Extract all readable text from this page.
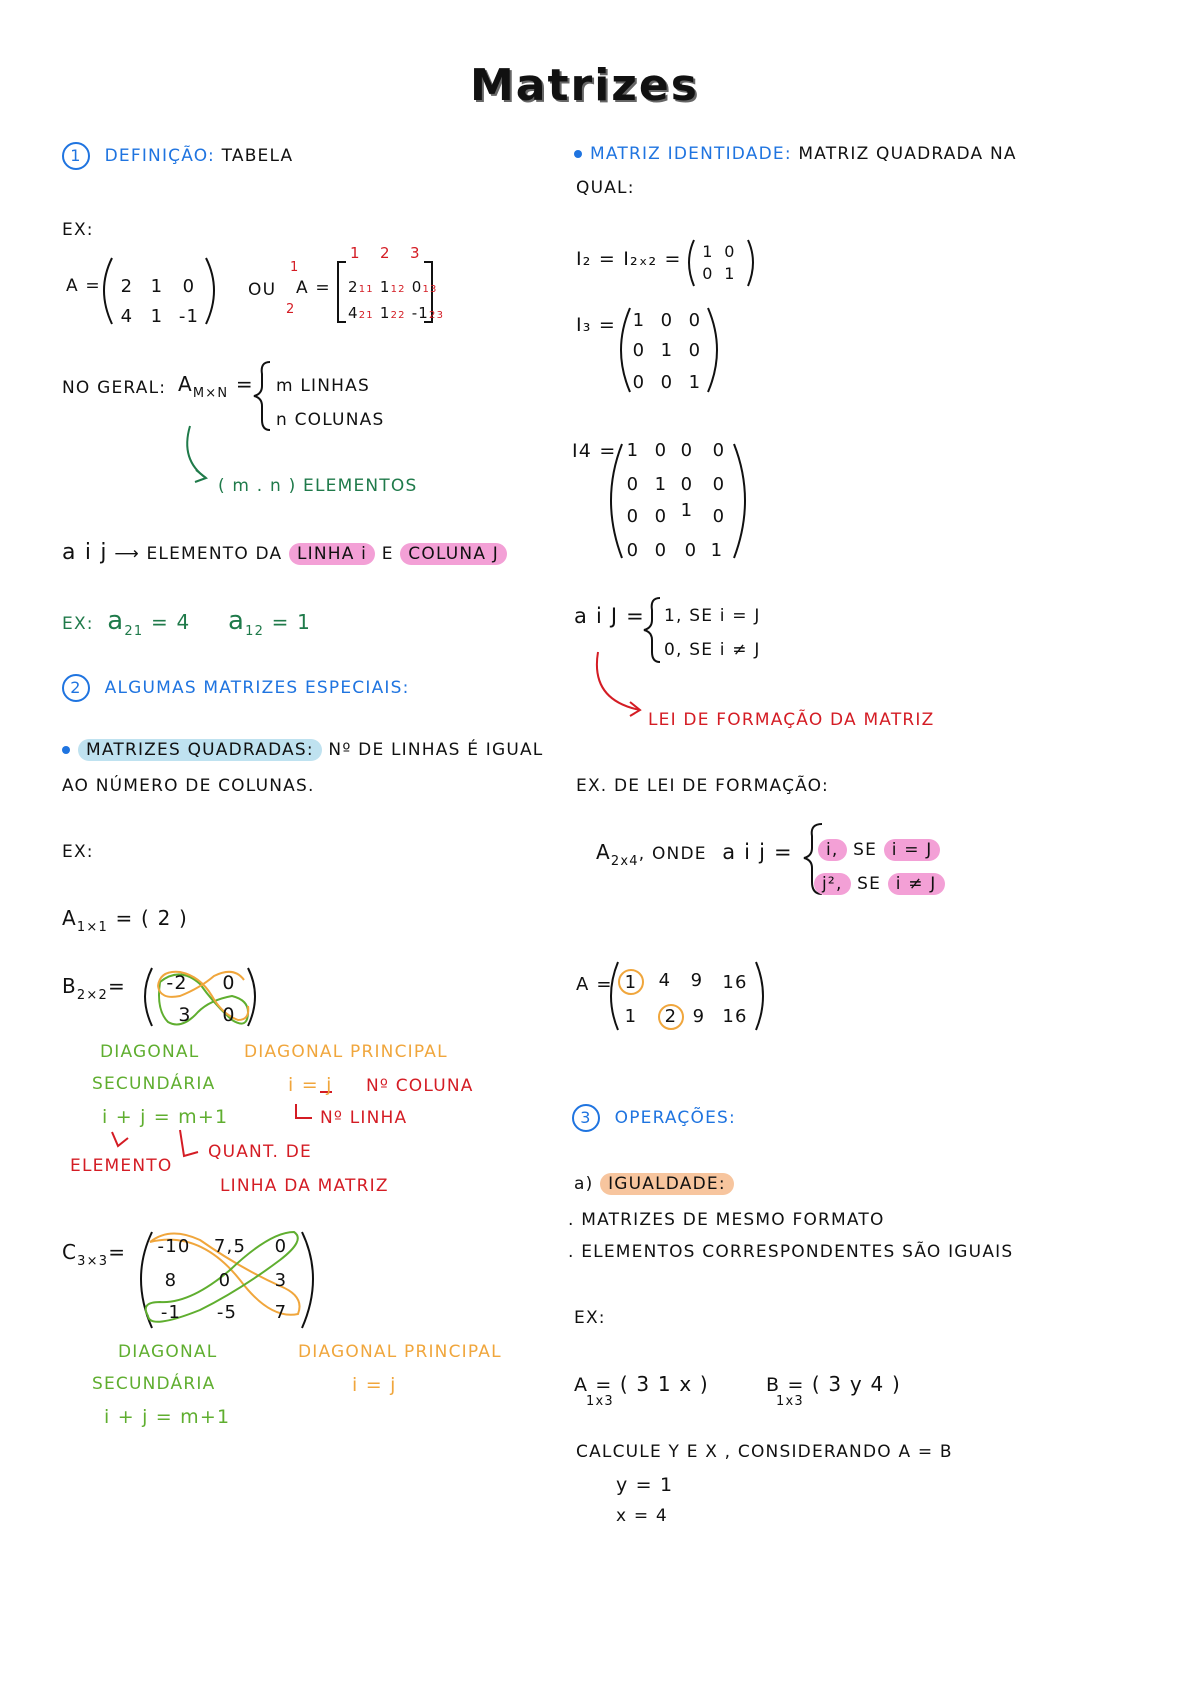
Matrizes
1 DEFINIÇÃO: TABELA
EX:
A =	2 1	0
4 1 -1
OU
1
2
A =
1 2 3
211 112 013
421 122 -123
NO GERAL: $A_{M\times N} = m$ LINHAS
n COLUNAS
( m . n ) ELEMENTOS
a i j ⟶ ELEMENTO DA LINHA i E COLUNA J
EX: $a_{21} = 4$ $a_{12} = 1$
2 ALGUMAS MATRIZES ESPECIAIS:
MATRIZES QUADRADAS: Nº DE LINHAS É IGUAL
AO NÚMERO DE COLUNAS.
EX:
$A_{1\times 1}$ = ( 2 )
$B_{2\times 2}=$	-2	0
3	0
DIAGONAL
SECUNDÁRIA
i + j = m+1
DIAGONAL PRINCIPAL
i = j Nº COLUNA
Nº LINHA
ELEMENTO
QUANT. DE
LINHA DA MATRIZ
$C_{3\times 3}= -10$ 7,5	0
8	0	3
-1	-5	7
DIAGONAL
SECUNDÁRIA
i + j = m+1
DIAGONAL PRINCIPAL
i = j
MATRIZ IDENTIDADE: MATRIZ QUADRADA NA
QUAL:
I₂ = I₂ₓ₂ =	1 0
0 1
I₃ = 1 0 0
0 1 0
0 0 1
I4 = 1 0 0	0
0 1 0	0
0 0 1	0
0 0 0 1
a i J = 1, SE i = J
0, SE i ≠ J
LEI DE FORMAÇÃO DA MATRIZ
EX. DE LEI DE FORMAÇÃO:
$A_{2x4}$, ONDE a i j =	i, SE i = J
j², SE i ≠ J
A = 1	4	9	16
1	2 9 16
3 OPERAÇÕES:
a) IGUALDADE:
. MATRIZES DE MESMO FORMATO
. ELEMENTOS CORRESPONDENTES SÃO IGUAIS
EX:
A = ( 3 1 x )
1x3
B = ( 3 y 4 )
1x3
CALCULE Y E X , CONSIDERANDO A = B
y = 1
x = 4
